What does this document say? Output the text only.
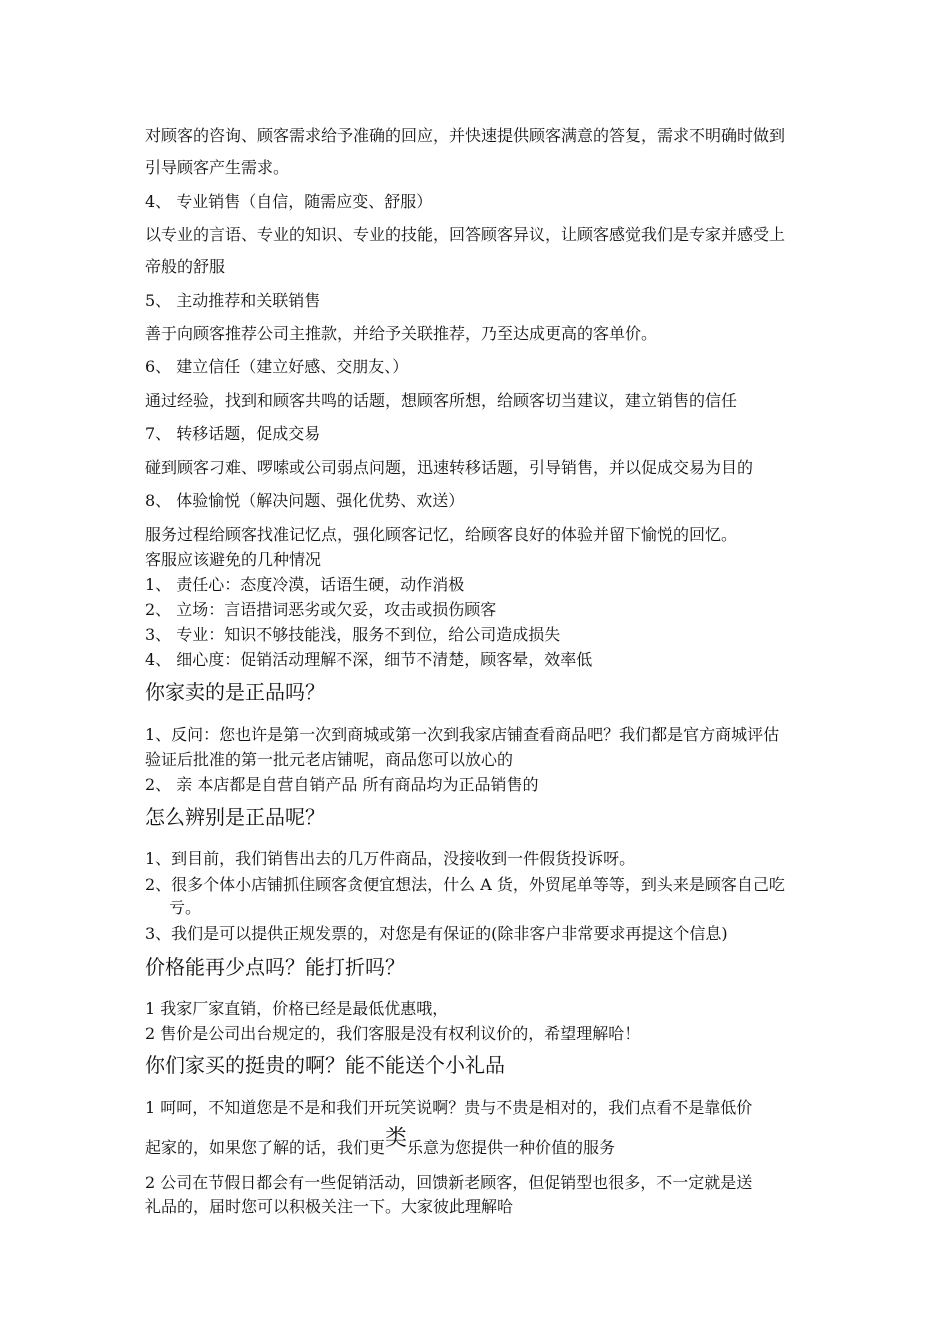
对顾客的咨询、顾客需求给予准确的回应，并快速提供顾客满意的答复，需求不明确时做到
引导顾客产生需求。
4、 专业销售（自信，随需应变、舒服）
以专业的言语、专业的知识、专业的技能，回答顾客异议，让顾客感觉我们是专家并感受上
帝般的舒服
5、 主动推荐和关联销售
善于向顾客推荐公司主推款，并给予关联推荐，乃至达成更高的客单价。
6、 建立信任（建立好感、交朋友、）
通过经验，找到和顾客共鸣的话题，想顾客所想，给顾客切当建议，建立销售的信任
7、 转移话题，促成交易
碰到顾客刁难、啰嗦或公司弱点问题，迅速转移话题，引导销售，并以促成交易为目的
8、 体验愉悦（解决问题、强化优势、欢送）
服务过程给顾客找准记忆点，强化顾客记忆，给顾客良好的体验并留下愉悦的回忆。
客服应该避免的几种情况
1、 责任心：态度冷漠，话语生硬，动作消极
2、 立场：言语措词恶劣或欠妥，攻击或损伤顾客
3、 专业：知识不够技能浅，服务不到位，给公司造成损失
4、 细心度：促销活动理解不深，细节不清楚，顾客晕，效率低
你家卖的是正品吗？
1、反问：您也许是第一次到商城或第一次到我家店铺查看商品吧？我们都是官方商城评估
验证后批准的第一批元老店铺呢，商品您可以放心的
2、 亲 本店都是自营自销产品 所有商品均为正品销售的
怎么辨别是正品呢？
1、到目前，我们销售出去的几万件商品，没接收到一件假货投诉呀。
2、很多个体小店铺抓住顾客贪便宜想法，什么 A 货，外贸尾单等等，到头来是顾客自己吃
亏。
3、我们是可以提供正规发票的，对您是有保证的(除非客户非常要求再提这个信息)
价格能再少点吗？能打折吗？
1 我家厂家直销，价格已经是最低优惠哦，
2 售价是公司出台规定的，我们客服是没有权利议价的，希望理解哈！
你们家买的挺贵的啊？能不能送个小礼品
1 呵呵，不知道您是不是和我们开玩笑说啊？贵与不贵是相对的，我们点看不是靠低价
起家的，如果您了解的话，我们更类乐意为您提供一种价值的服务
2 公司在节假日都会有一些促销活动，回馈新老顾客，但促销型也很多，不一定就是送
礼品的，届时您可以积极关注一下。大家彼此理解哈
